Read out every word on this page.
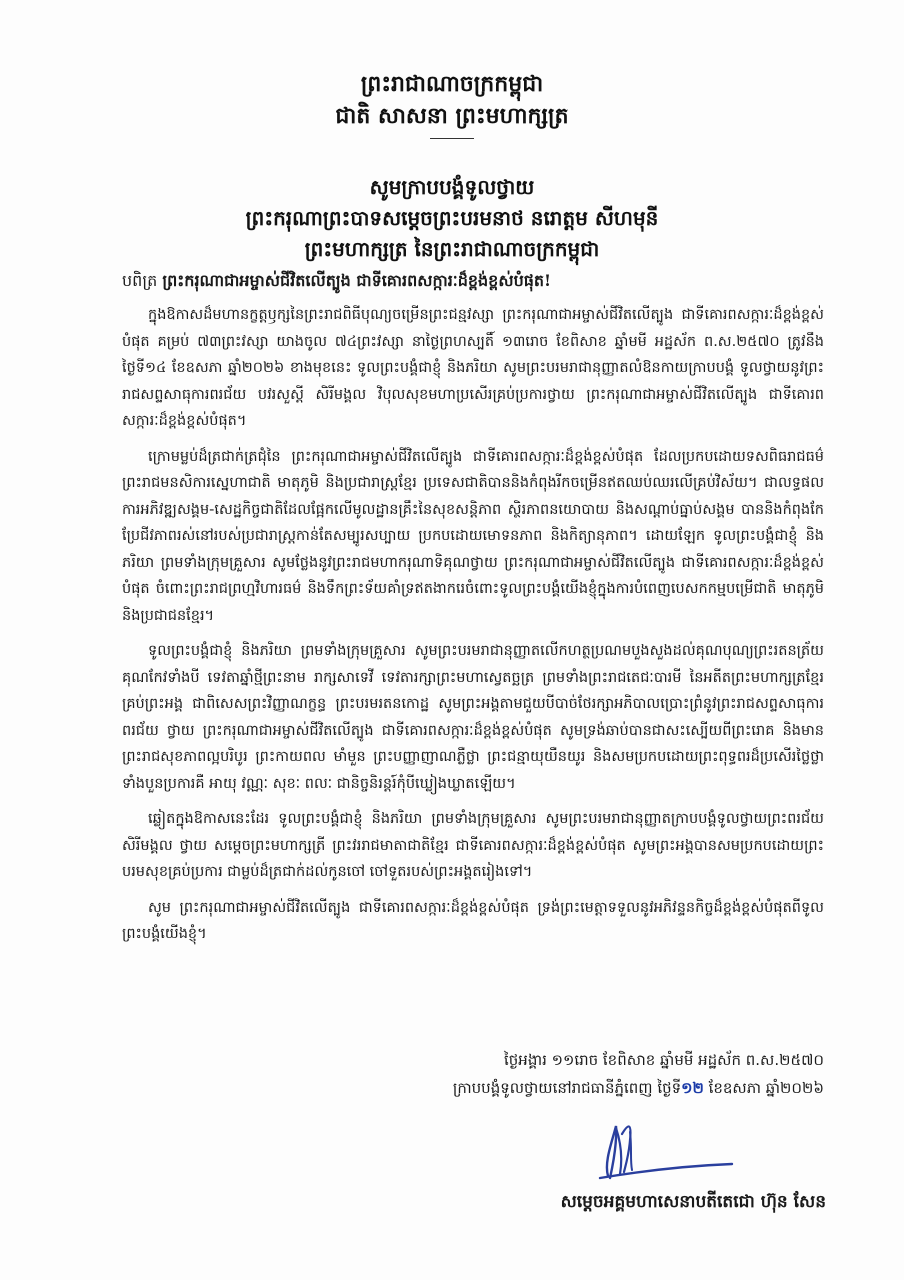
ព្រះរាជាណាចក្រកម្ពុជា
ជាតិ សាសនា ព្រះមហាក្សត្រ
សូមក្រាបបង្គំទូលថ្វាយ
ព្រះករុណាព្រះបាទសម្តេចព្រះបរមនាថ នរោត្តម សីហមុនី
ព្រះមហាក្សត្រ នៃព្រះរាជាណាចក្រកម្ពុជា
បពិត្រ ព្រះករុណាជាអម្ចាស់ជីវិតលើត្បូង ជាទីគោរពសក្ការៈដ៏ខ្ពង់ខ្ពស់បំផុត!

ក្នុងឱកាសដ៏មហានក្ខត្តឫក្សនៃព្រះរាជពិធីបុណ្យចម្រើនព្រះជន្មវស្សា ព្រះករុណាជាអម្ចាស់ជីវិតលើត្បូង ជាទីគោរពសក្ការៈដ៏ខ្ពង់ខ្ពស់បំផុត គម្រប់ ៧៣ព្រះវស្សា យាងចូល ៧៤ព្រះវស្សា នាថ្ងៃព្រហស្បតិ៍ ១៣រោច ខែពិសាខ ឆ្នាំមមី អដ្ឋស័ក ព.ស.២៥៧០ ត្រូវនឹងថ្ងៃទី១៤ ខែឧសភា ឆ្នាំ២០២៦ ខាងមុខនេះ ទូលព្រះបង្គំជាខ្ញុំ និងភរិយា សូមព្រះបរមរាជានុញ្ញាតលំឱនកាយក្រាបបង្គំ ទូលថ្វាយនូវព្រះរាជសព្ទសាធុការពរជ័យ បវរសួស្តី សិរីមង្គល វិបុលសុខមហាប្រសើរគ្រប់ប្រការថ្វាយ ព្រះករុណាជាអម្ចាស់ជីវិតលើត្បូង ជាទីគោរពសក្ការៈដ៏ខ្ពង់ខ្ពស់បំផុត។

ក្រោមម្លប់ដ៏ត្រជាក់ត្រជុំនៃ ព្រះករុណាជាអម្ចាស់ជីវិតលើត្បូង ជាទីគោរពសក្ការៈដ៏ខ្ពង់ខ្ពស់បំផុត ដែលប្រកបដោយទសពិធរាជធម៌ ព្រះរាជមនសិការស្នេហាជាតិ មាតុភូមិ និងប្រជារាស្ត្រខ្មែរ ប្រទេសជាតិបាននិងកំពុងរីកចម្រើនឥតឈប់ឈរលើគ្រប់វិស័យ។ ជាលទ្ធផល ការអភិវឌ្ឍសង្គម-សេដ្ឋកិច្ចជាតិដែលផ្អែកលើមូលដ្ឋានគ្រឹះនៃសុខសន្តិភាព ស្ថិរភាពនយោបាយ និងសណ្តាប់ធ្នាប់សង្គម បាននិងកំពុងកែប្រែជីវភាពរស់នៅរបស់ប្រជារាស្ត្រកាន់តែសម្បូរសប្បាយ ប្រកបដោយមោទនភាព និងកិត្យានុភាព។ ដោយឡែក ទូលព្រះបង្គំជាខ្ញុំ និងភរិយា ព្រមទាំងក្រុមគ្រួសារ សូមថ្លែងនូវព្រះរាជមហាករុណាទិគុណថ្វាយ ព្រះករុណាជាអម្ចាស់ជីវិតលើត្បូង ជាទីគោរពសក្ការៈដ៏ខ្ពង់ខ្ពស់បំផុត ចំពោះព្រះរាជព្រហ្មវិហារធម៌ និងទឹកព្រះទ័យគាំទ្រឥតងាករេចំពោះទូលព្រះបង្គំយើងខ្ញុំក្នុងការបំពេញបេសកកម្មបម្រើជាតិ មាតុភូមិ និងប្រជាជនខ្មែរ។

ទូលព្រះបង្គំជាខ្ញុំ និងភរិយា ព្រមទាំងក្រុមគ្រួសារ សូមព្រះបរមរាជានុញ្ញាតលើកហត្ថប្រណមបួងសួងដល់គុណបុណ្យព្រះរតនត្រ័យ គុណកែវទាំងបី ទេវតាឆ្នាំថ្មីព្រះនាម រាក្សសាទេវី ទេវតារក្សាព្រះមហាស្វេតច្ឆត្រ ព្រមទាំងព្រះរាជតេជៈបារមី នៃអតីតព្រះមហាក្សត្រខ្មែរគ្រប់ព្រះអង្គ ជាពិសេសព្រះវិញ្ញាណក្ខន្ធ ព្រះបរមរតនកោដ្ឋ សូមព្រះអង្គតាមជួយបីបាច់ថែរក្សាអភិបាលប្រោះព្រំនូវព្រះរាជសព្ទសាធុការពរជ័យ ថ្វាយ ព្រះករុណាជាអម្ចាស់ជីវិតលើត្បូង ជាទីគោរពសក្ការៈដ៏ខ្ពង់ខ្ពស់បំផុត សូមទ្រង់ឆាប់បានជាសះស្បើយពីព្រះរោគ និងមានព្រះរាជសុខភាពល្អបរិបូរ ព្រះកាយពល មាំមួន ព្រះបញ្ញាញាណភ្លឺថ្លា ព្រះជន្មាយុយឺនយូរ និងសមប្រកបដោយព្រះពុទ្ធពរដ៏ប្រសើរថ្លៃថ្លាទាំងបួនប្រការគឺ អាយុ វណ្ណៈ សុខៈ ពលៈ ជានិច្ចនិរន្តរ៍កុំបីឃ្លៀងឃ្លាតឡើយ។

ឆ្លៀតក្នុងឱកាសនេះដែរ ទូលព្រះបង្គំជាខ្ញុំ និងភរិយា ព្រមទាំងក្រុមគ្រួសារ សូមព្រះបរមរាជានុញ្ញាតក្រាបបង្គំទូលថ្វាយព្រះពរជ័យសិរីមង្គល ថ្វាយ សម្តេចព្រះមហាក្សត្រី ព្រះវររាជមាតាជាតិខ្មែរ ជាទីគោរពសក្ការៈដ៏ខ្ពង់ខ្ពស់បំផុត សូមព្រះអង្គបានសមប្រកបដោយព្រះបរមសុខគ្រប់ប្រការ ជាម្លប់ដ៏ត្រជាក់ដល់កូនចៅ ចៅទួតរបស់ព្រះអង្គតរៀងទៅ។

សូម ព្រះករុណាជាអម្ចាស់ជីវិតលើត្បូង ជាទីគោរពសក្ការៈដ៏ខ្ពង់ខ្ពស់បំផុត ទ្រង់ព្រះមេត្តាទទួលនូវអភិវន្ទនកិច្ចដ៏ខ្ពង់ខ្ពស់បំផុតពីទូលព្រះបង្គំយើងខ្ញុំ។

ថ្ងៃអង្គារ ១១រោច ខែពិសាខ ឆ្នាំមមី អដ្ឋស័ក ព.ស.២៥៧០
ក្រាបបង្គំទូលថ្វាយនៅរាជធានីភ្នំពេញ ថ្ងៃទី១២ ខែឧសភា ឆ្នាំ២០២៦
សម្តេចអគ្គមហាសេនាបតីតេជោ ហ៊ុន សែន
